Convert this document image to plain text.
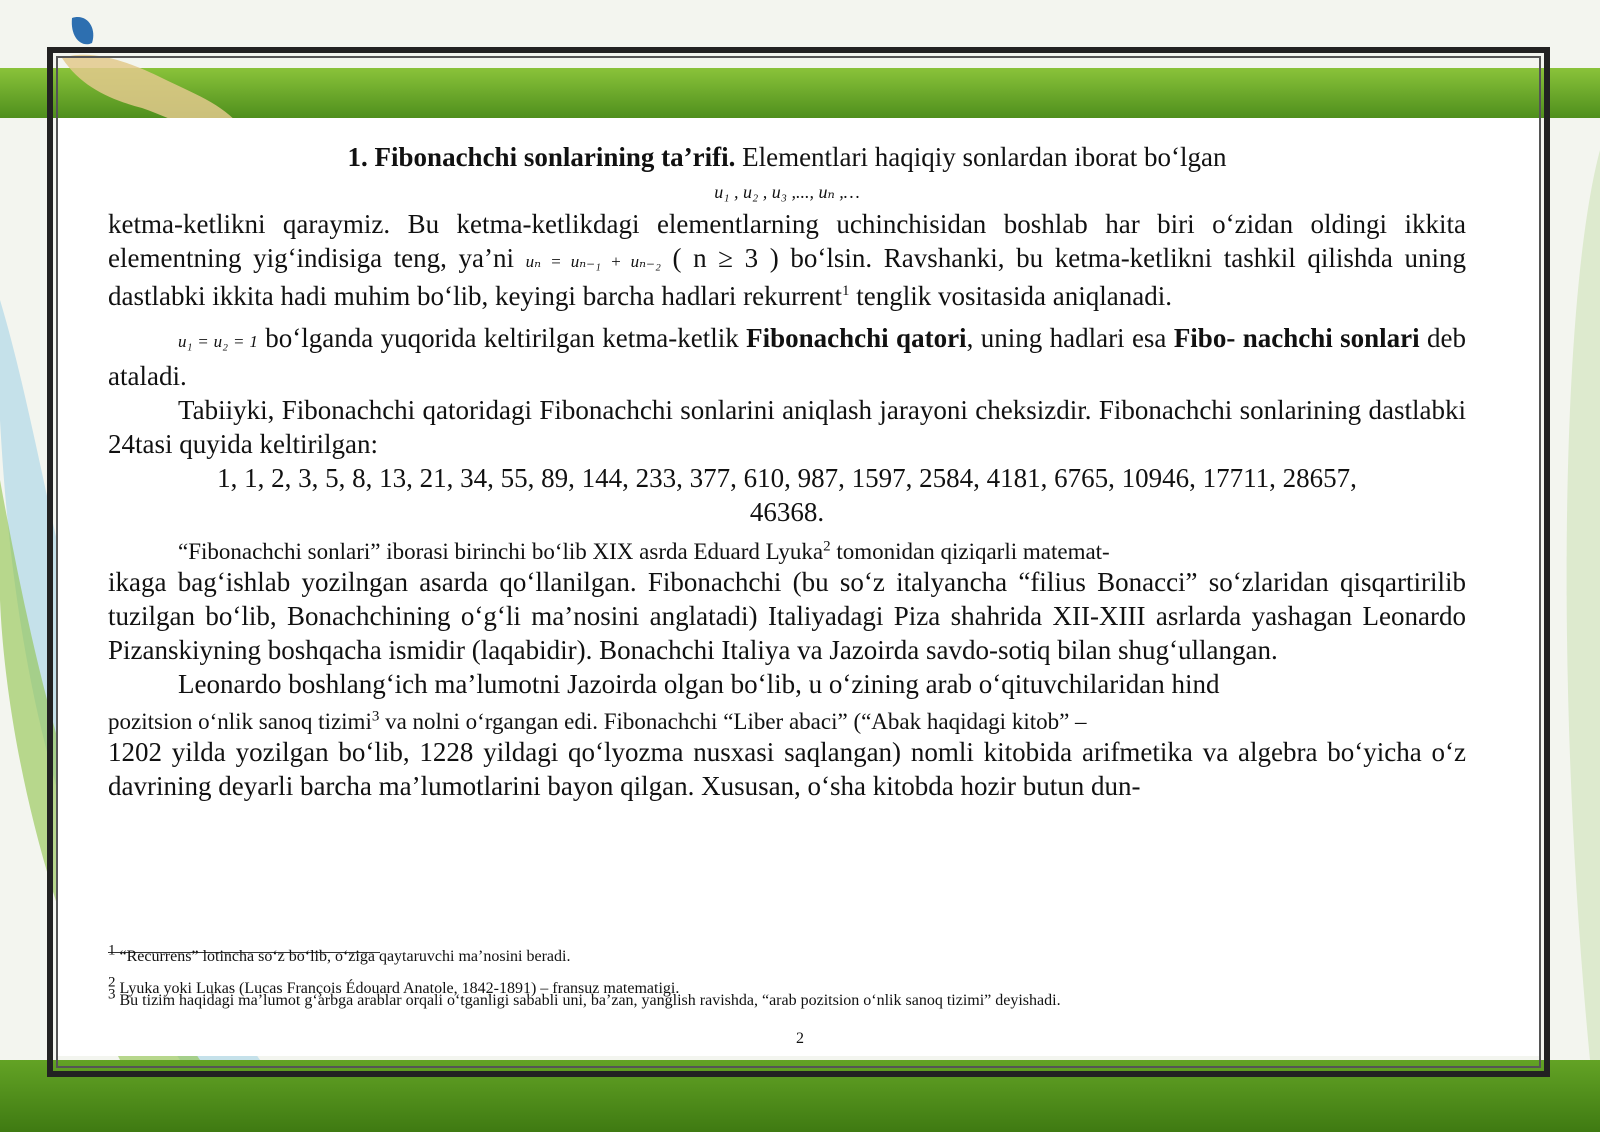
1. Fibonachchi sonlarining ta’rifi. Elementlari haqiqiy sonlardan iborat bo‘lgan

u₁ , u₂ , u₃ ,..., uₙ ,…

ketma-ketlikni qaraymiz. Bu ketma-ketlikdagi elementlarning uchinchisidan boshlab har biri o‘zidan oldingi ikkita elementning yig‘indisiga teng, ya’ni uₙ = uₙ₋₁ + uₙ₋₂ ( n ≥ 3 ) bo‘lsin. Ravshanki, bu ketma-ketlikni tashkil qilishda uning dastlabki ikkita hadi muhim bo‘lib, keyingi barcha hadlari rekurrent$^1$ tenglik vositasida aniqlanadi.

u₁ = u₂ = 1 bo‘lganda yuqorida keltirilgan ketma-ketlik Fibonachchi qatori, uning hadlari esa Fibo- nachchi sonlari deb ataladi.

Tabiiyki, Fibonachchi qatoridagi Fibonachchi sonlarini aniqlash jarayoni cheksizdir. Fibonachchi sonlarining dastlabki 24tasi quyida keltirilgan:

1, 1, 2, 3, 5, 8, 13, 21, 34, 55, 89, 144, 233, 377, 610, 987, 1597, 2584, 4181, 6765, 10946, 17711, 28657,

46368.

“Fibonachchi sonlari” iborasi birinchi bo‘lib XIX asrda Eduard Lyuka$^2$ tomonidan qiziqarli matemat-

ikaga bag‘ishlab yozilngan asarda qo‘llanilgan. Fibonachchi (bu so‘z italyancha “filius Bonacci” so‘zlaridan qisqartirilib tuzilgan bo‘lib, Bonachchining o‘g‘li ma’nosini anglatadi) Italiyadagi Piza shahrida XII-XIII asrlarda yashagan Leonardo Pizanskiyning boshqacha ismidir (laqabidir). Bonachchi Italiya va Jazoirda savdo-sotiq bilan shug‘ullangan.

Leonardo boshlang‘ich ma’lumotni Jazoirda olgan bo‘lib, u o‘zining arab o‘qituvchilaridan hind

pozitsion o‘nlik sanoq tizimi$^3$ va nolni o‘rgangan edi. Fibonachchi “Liber abaci” (“Abak haqidagi kitob” –

1202 yilda yozilgan bo‘lib, 1228 yildagi qo‘lyozma nusxasi saqlangan) nomli kitobida arifmetika va algebra bo‘yicha o‘z davrining deyarli barcha ma’lumotlarini bayon qilgan. Xususan, o‘sha kitobda hozir butun dun-

$^1$ “Recurrens” lotincha so‘z bo‘lib, o‘ziga qaytaruvchi ma’nosini beradi.
$^2$ Lyuka yoki Lukas (Lucas François Édouard Anatole, 1842-1891) – fransuz matematigi.
$^3$ Bu tizim haqidagi ma’lumot g‘arbga arablar orqali o‘tganligi sababli uni, ba’zan, yanglish ravishda, “arab pozitsion o‘nlik sanoq tizimi” deyishadi.
2
